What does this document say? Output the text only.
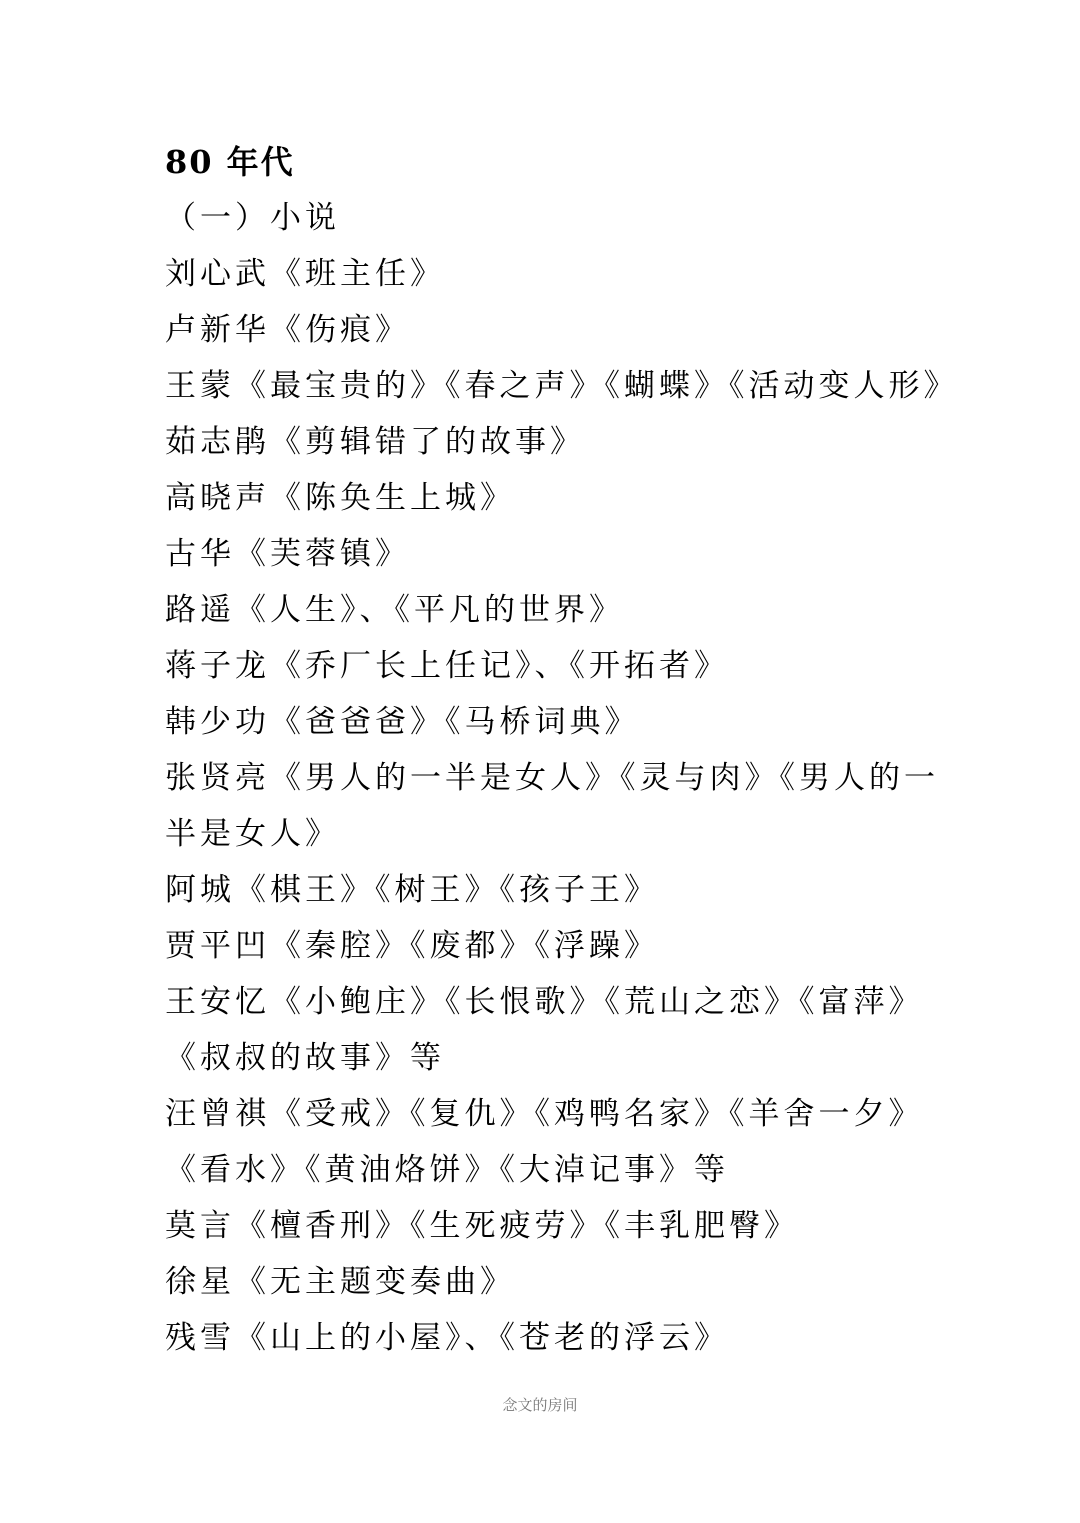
80 年代
（一）小说
刘心武《班主任》
卢新华《伤痕》
王蒙《最宝贵的》《春之声》《蝴蝶》《活动变人形》
茹志鹃《剪辑错了的故事》
高晓声《陈奂生上城》
古华《芙蓉镇》
路遥《人生》、《平凡的世界》
蒋子龙《乔厂长上任记》、《开拓者》
韩少功《爸爸爸》《马桥词典》
张贤亮《男人的一半是女人》《灵与肉》《男人的一
半是女人》
阿城《棋王》《树王》《孩子王》
贾平凹《秦腔》《废都》《浮躁》
王安忆《小鲍庄》《长恨歌》《荒山之恋》《富萍》
《叔叔的故事》等
汪曾祺《受戒》《复仇》《鸡鸭名家》《羊舍一夕》
《看水》《黄油烙饼》《大淖记事》等
莫言《檀香刑》《生死疲劳》《丰乳肥臀》
徐星《无主题变奏曲》
残雪《山上的小屋》、《苍老的浮云》
念文的房间
